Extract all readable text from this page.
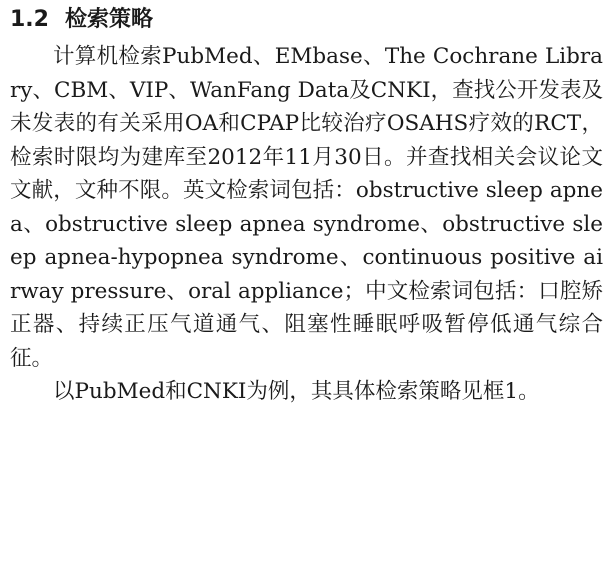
1.2 检索策略

计算机检索PubMed、EMbase、The Cochrane Library、CBM、VIP、WanFang Data及CNKI，查找公开发表及未发表的有关采用OA和CPAP比较治疗OSAHS疗效的RCT，检索时限均为建库至2012年11月30日。并查找相关会议论文文献，文种不限。英文检索词包括：obstructive sleep apnea、obstructive sleep apnea syndrome、obstructive sleep apnea-hypopnea syndrome、continuous positive airway pressure、oral appliance；中文检索词包括：口腔矫正器、持续正压气道通气、阻塞性睡眠呼吸暂停低通气综合征。

以PubMed和CNKI为例，其具体检索策略见框1。
